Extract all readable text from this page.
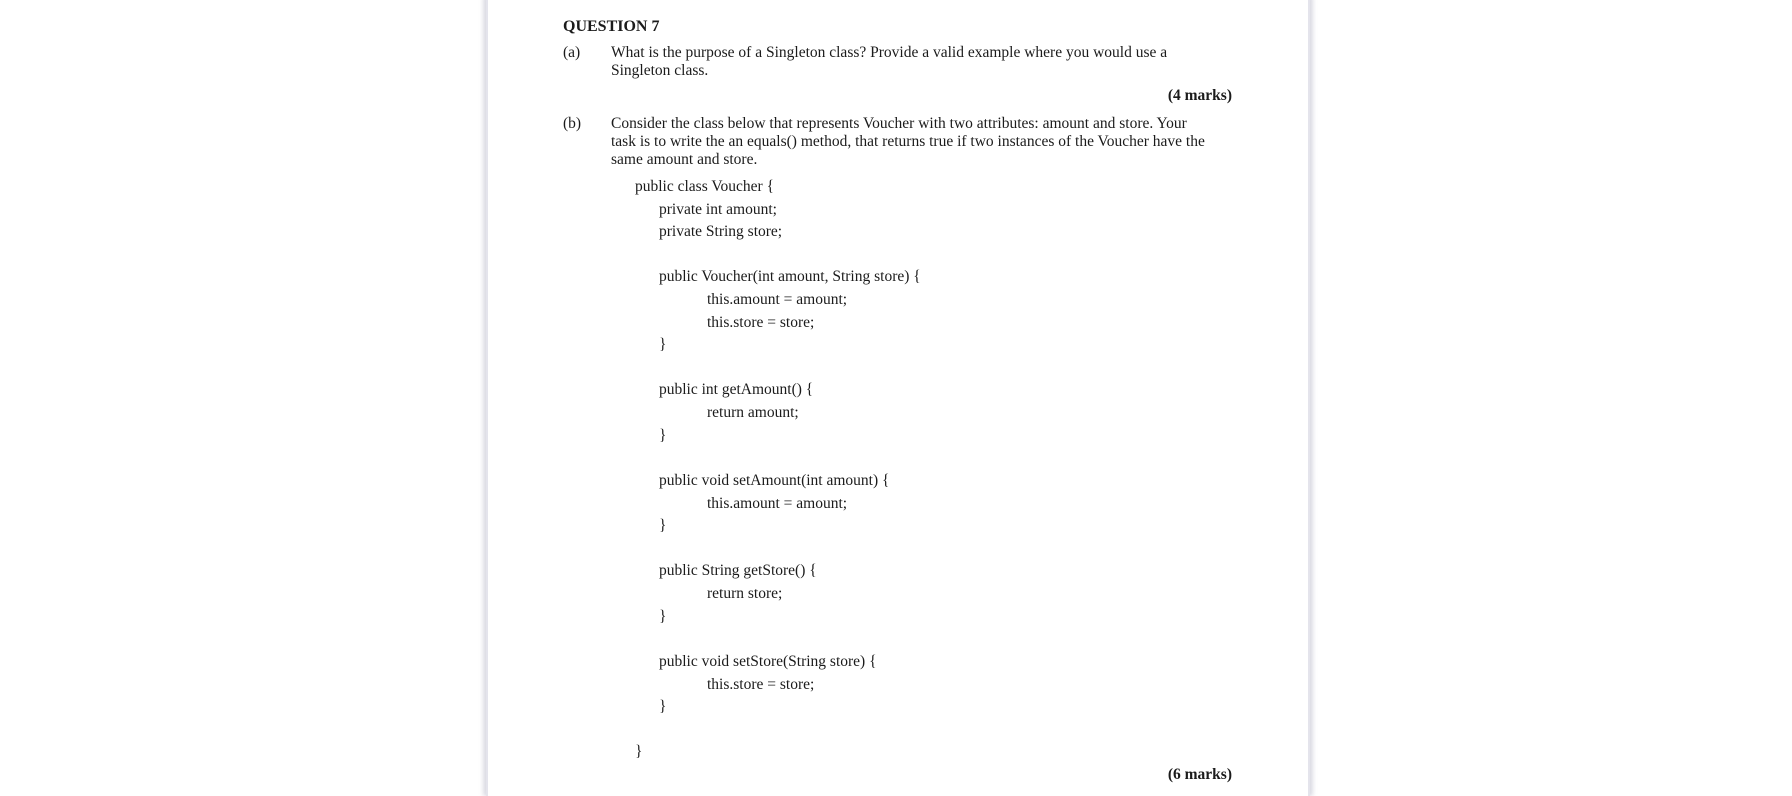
QUESTION 7
(a) What is the purpose of a Singleton class? Provide a valid example where you would use a
Singleton class.
(4 marks)
(b) Consider the class below that represents Voucher with two attributes: amount and store. Your
task is to write the an equals() method, that returns true if two instances of the Voucher have the
same amount and store.
public class Voucher {
private int amount;
private String store;
public Voucher(int amount, String store) {
this.amount = amount;
this.store = store;
}
public int getAmount() {
return amount;
}
public void setAmount(int amount) {
this.amount = amount;
}
public String getStore() {
return store;
}
public void setStore(String store) {
this.store = store;
}
}
(6 marks)
